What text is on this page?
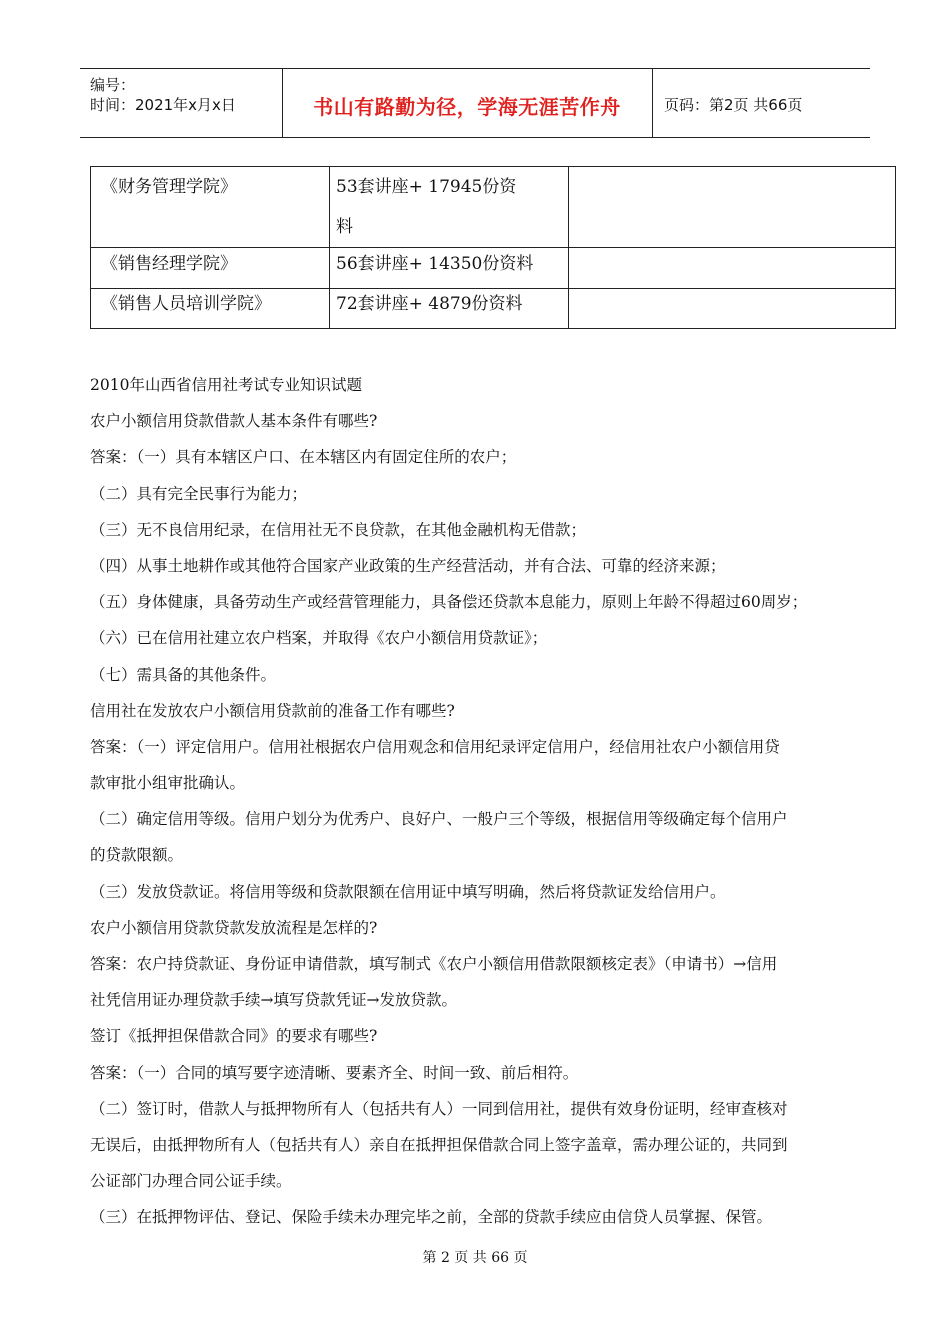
编号：
时间：2021年x月x日	书山有路勤为径，学海无涯苦作舟	页码：第2页 共66页
《财务管理学院》	53套讲座+ 17945份资
料	

《销售经理学院》	56套讲座+ 14350份资料	
《销售人员培训学院》	72套讲座+ 4879份资料	
2010年山西省信用社考试专业知识试题
农户小额信用贷款借款人基本条件有哪些?
答案：（一）具有本辖区户口、在本辖区内有固定住所的农户；
（二）具有完全民事行为能力；
（三）无不良信用纪录，在信用社无不良贷款，在其他金融机构无借款；
（四）从事土地耕作或其他符合国家产业政策的生产经营活动，并有合法、可靠的经济来源；
（五）身体健康，具备劳动生产或经营管理能力，具备偿还贷款本息能力，原则上年龄不得超过60周岁；
（六）已在信用社建立农户档案，并取得《农户小额信用贷款证》；
（七）需具备的其他条件。
信用社在发放农户小额信用贷款前的准备工作有哪些?
答案：（一）评定信用户。信用社根据农户信用观念和信用纪录评定信用户，经信用社农户小额信用贷
款审批小组审批确认。
（二）确定信用等级。信用户划分为优秀户、良好户、一般户三个等级，根据信用等级确定每个信用户
的贷款限额。
（三）发放贷款证。将信用等级和贷款限额在信用证中填写明确，然后将贷款证发给信用户。
农户小额信用贷款贷款发放流程是怎样的?
答案：农户持贷款证、身份证申请借款，填写制式《农户小额信用借款限额核定表》（申请书）→信用
社凭信用证办理贷款手续→填写贷款凭证→发放贷款。
签订《抵押担保借款合同》的要求有哪些?
答案：（一）合同的填写要字迹清晰、要素齐全、时间一致、前后相符。
（二）签订时，借款人与抵押物所有人（包括共有人）一同到信用社，提供有效身份证明，经审查核对
无误后，由抵押物所有人（包括共有人）亲自在抵押担保借款合同上签字盖章，需办理公证的，共同到
公证部门办理合同公证手续。
（三）在抵押物评估、登记、保险手续未办理完毕之前，全部的贷款手续应由信贷人员掌握、保管。
第 2 页 共 66 页
